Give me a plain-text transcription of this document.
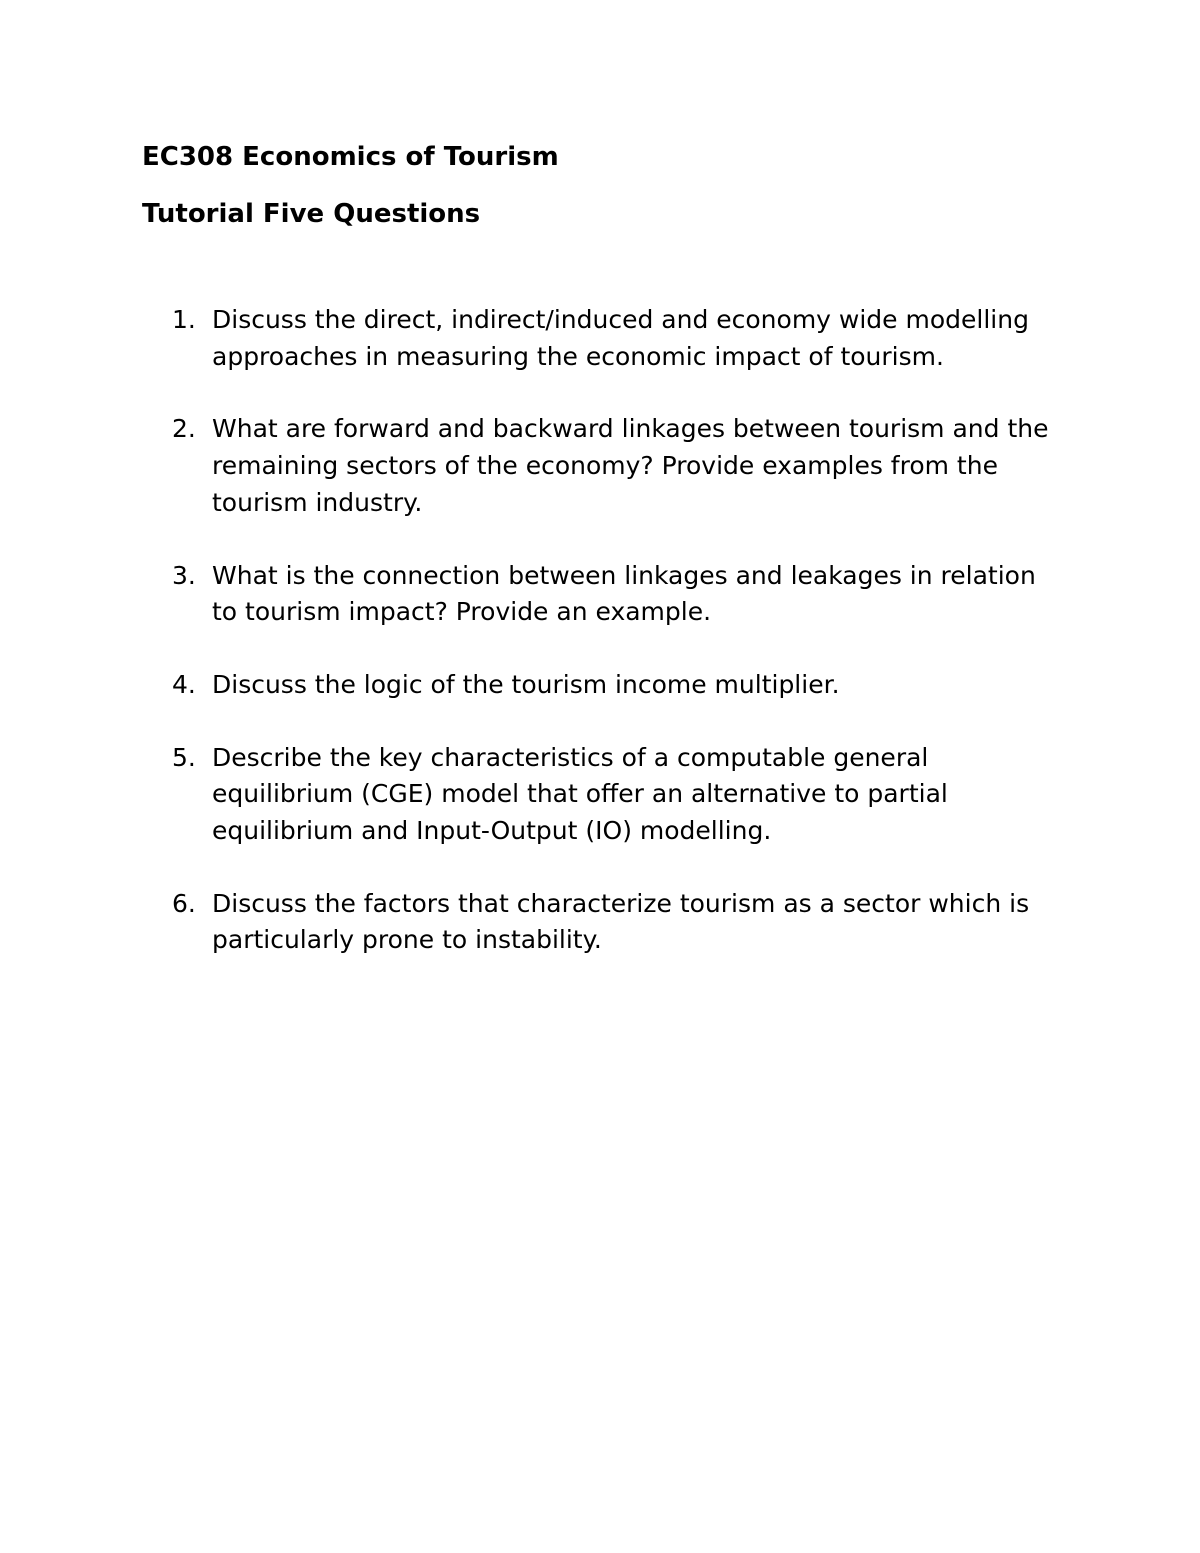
EC308 Economics of Tourism
Tutorial Five Questions
1. Discuss the direct, indirect/induced and economy wide modelling approaches in measuring the economic impact of tourism.
2. What are forward and backward linkages between tourism and the remaining sectors of the economy? Provide examples from the tourism industry.
3. What is the connection between linkages and leakages in relation to tourism impact? Provide an example.
4. Discuss the logic of the tourism income multiplier.
5. Describe the key characteristics of a computable general equilibrium (CGE) model that offer an alternative to partial equilibrium and Input-Output (IO) modelling.
6. Discuss the factors that characterize tourism as a sector which is particularly prone to instability.
